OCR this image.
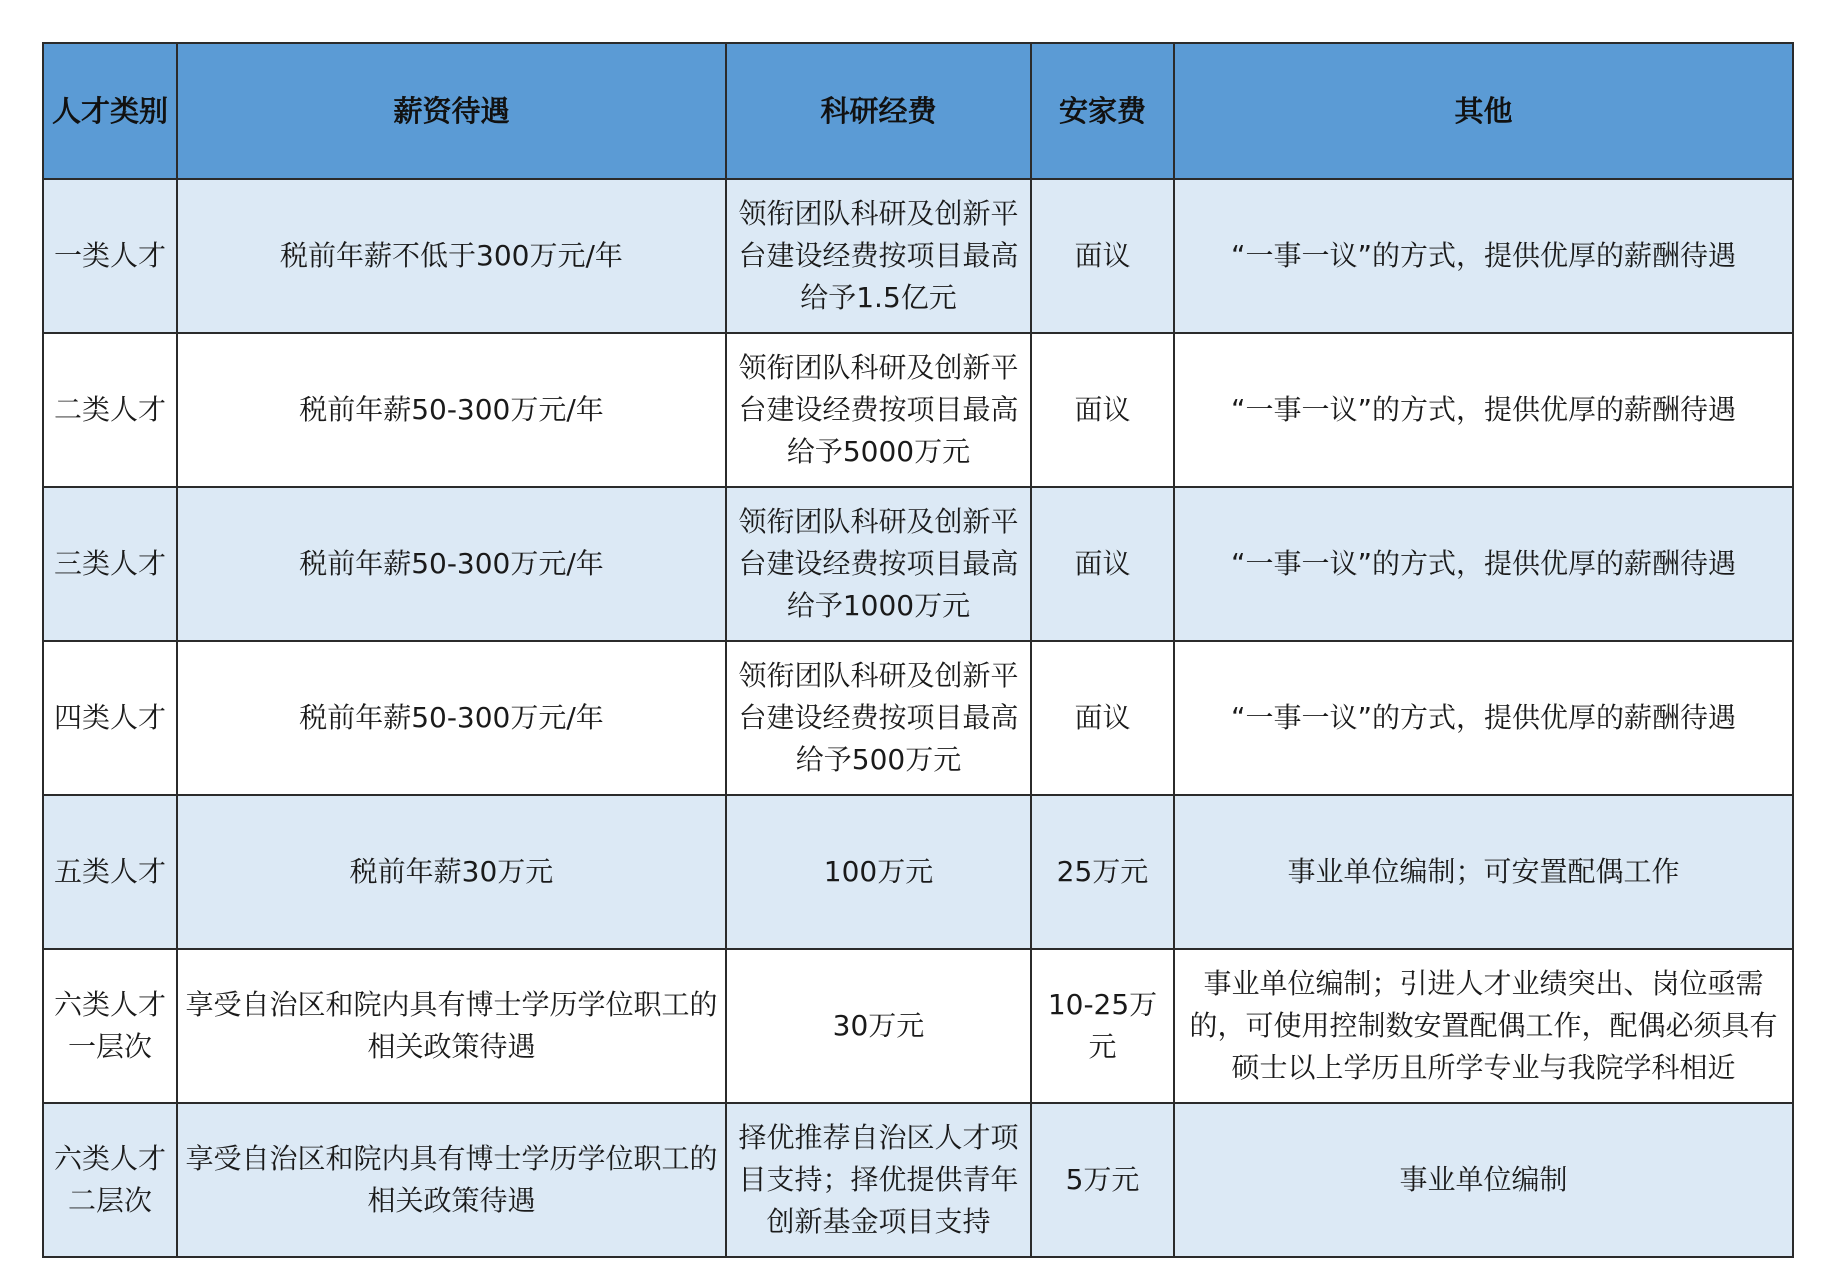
人才类别	薪资待遇	科研经费	安家费	其他
一类人才	税前年薪不低于300万元/年	领衔团队科研及创新平台建设经费按项目最高给予1.5亿元	面议	“一事一议”的方式，提供优厚的薪酬待遇
二类人才	税前年薪50-300万元/年	领衔团队科研及创新平台建设经费按项目最高给予5000万元	面议	“一事一议”的方式，提供优厚的薪酬待遇
三类人才	税前年薪50-300万元/年	领衔团队科研及创新平台建设经费按项目最高给予1000万元	面议	“一事一议”的方式，提供优厚的薪酬待遇
四类人才	税前年薪50-300万元/年	领衔团队科研及创新平台建设经费按项目最高给予500万元	面议	“一事一议”的方式，提供优厚的薪酬待遇
五类人才	税前年薪30万元	100万元	25万元	事业单位编制；可安置配偶工作
六类人才一层次	享受自治区和院内具有博士学历学位职工的相关政策待遇	30万元	10-25万元	事业单位编制；引进人才业绩突出、岗位亟需的，可使用控制数安置配偶工作，配偶必须具有硕士以上学历且所学专业与我院学科相近
六类人才二层次	享受自治区和院内具有博士学历学位职工的相关政策待遇	择优推荐自治区人才项目支持；择优提供青年创新基金项目支持	5万元	事业单位编制
